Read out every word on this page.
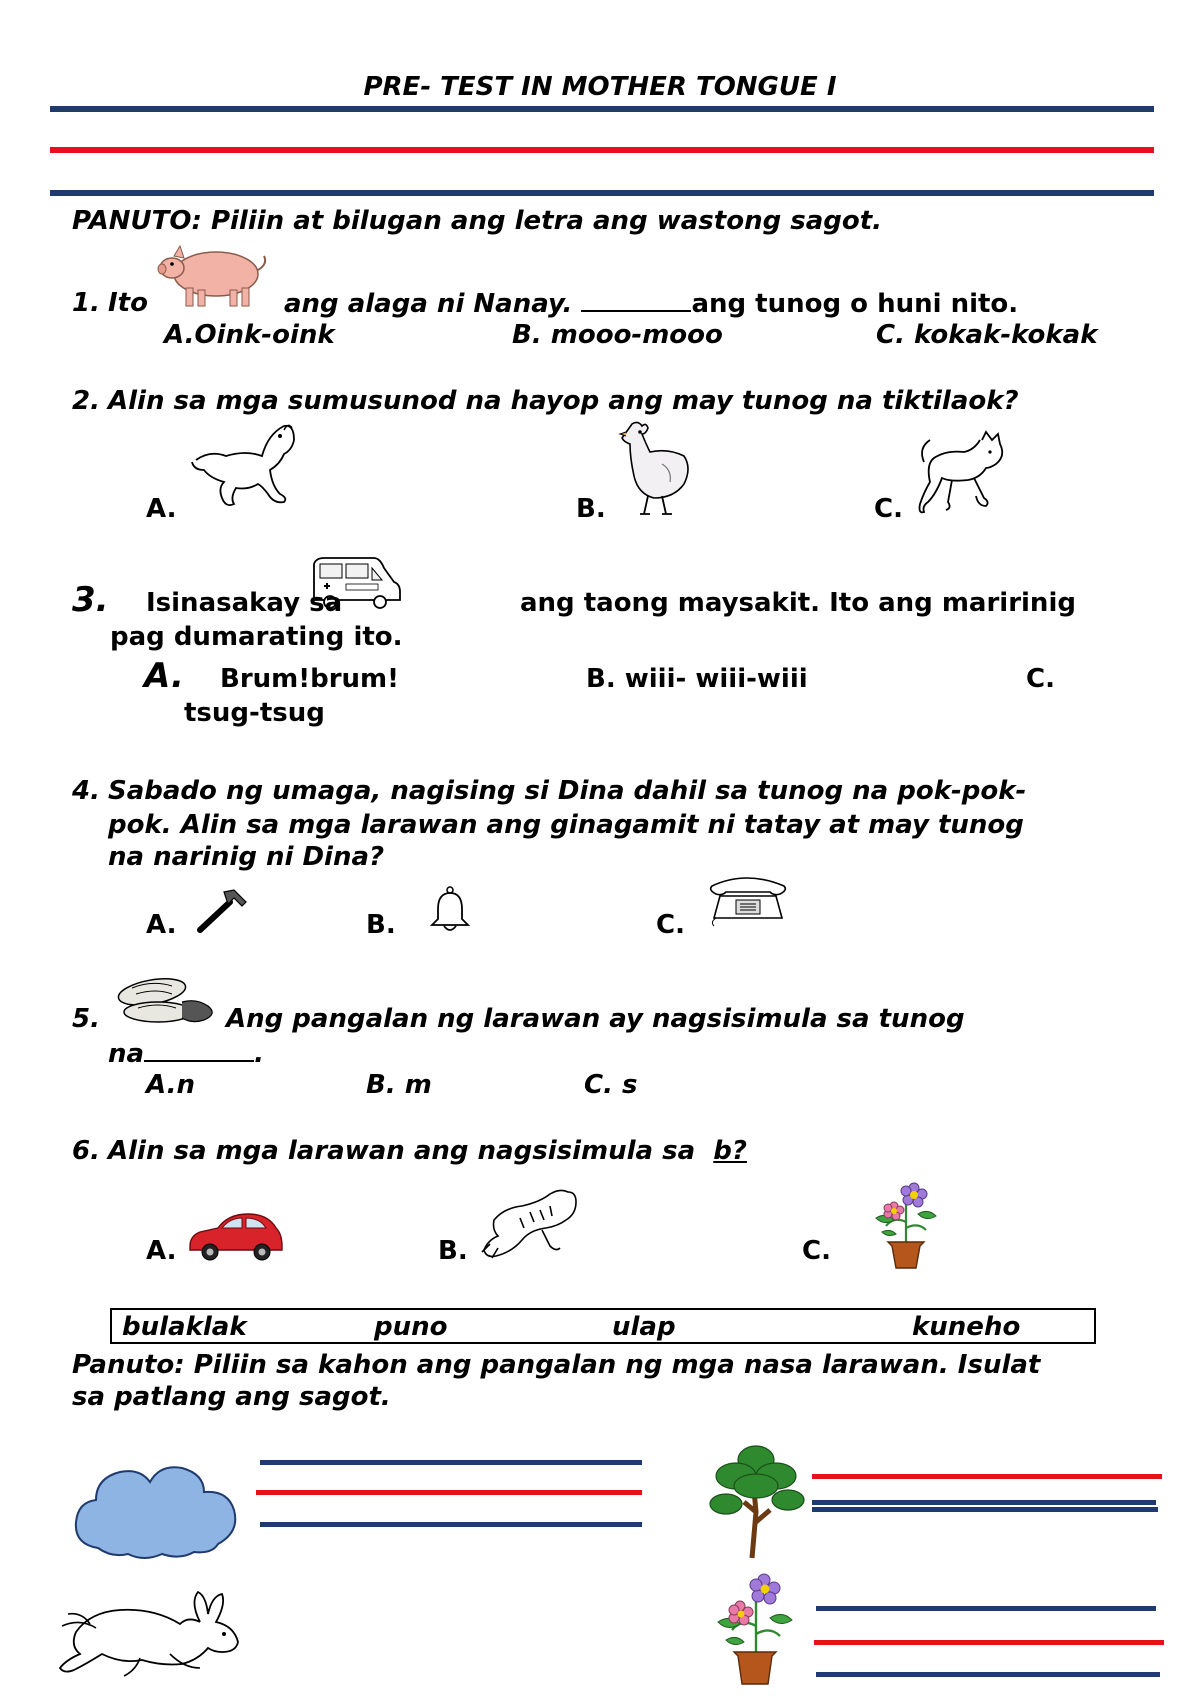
PRE- TEST IN MOTHER TONGUE I
PANUTO: Piliin at bilugan ang letra ang wastong sagot.
1. Ito	ang alaga ni Nanay.	ang tunog o huni nito.
A.Oink-oink	B. mooo-mooo	C. kokak-kokak
2. Alin sa mga sumusunod na hayop ang may tunog na tiktilaok?
A.	B.	C.
3. Isinasakay sa	ang taong maysakit. Ito ang maririnig
pag dumarating ito.
A. Brum!brum!	B. wiii- wiii-wiii	C.
tsug-tsug
4. Sabado ng umaga, nagising si Dina dahil sa tunog na pok-pok-
pok. Alin sa mga larawan ang ginagamit ni tatay at may tunog
na narinig ni Dina?
A.	B.	C.
5.	Ang pangalan ng larawan ay nagsisimula sa tunog
na	.
A.n	B. m	C. s
6. Alin sa mga larawan ang nagsisimula sa b?
A.	B.	C.
bulaklak	puno	ulap	kuneho
Panuto: Piliin sa kahon ang pangalan ng mga nasa larawan. Isulat
sa patlang ang sagot.
